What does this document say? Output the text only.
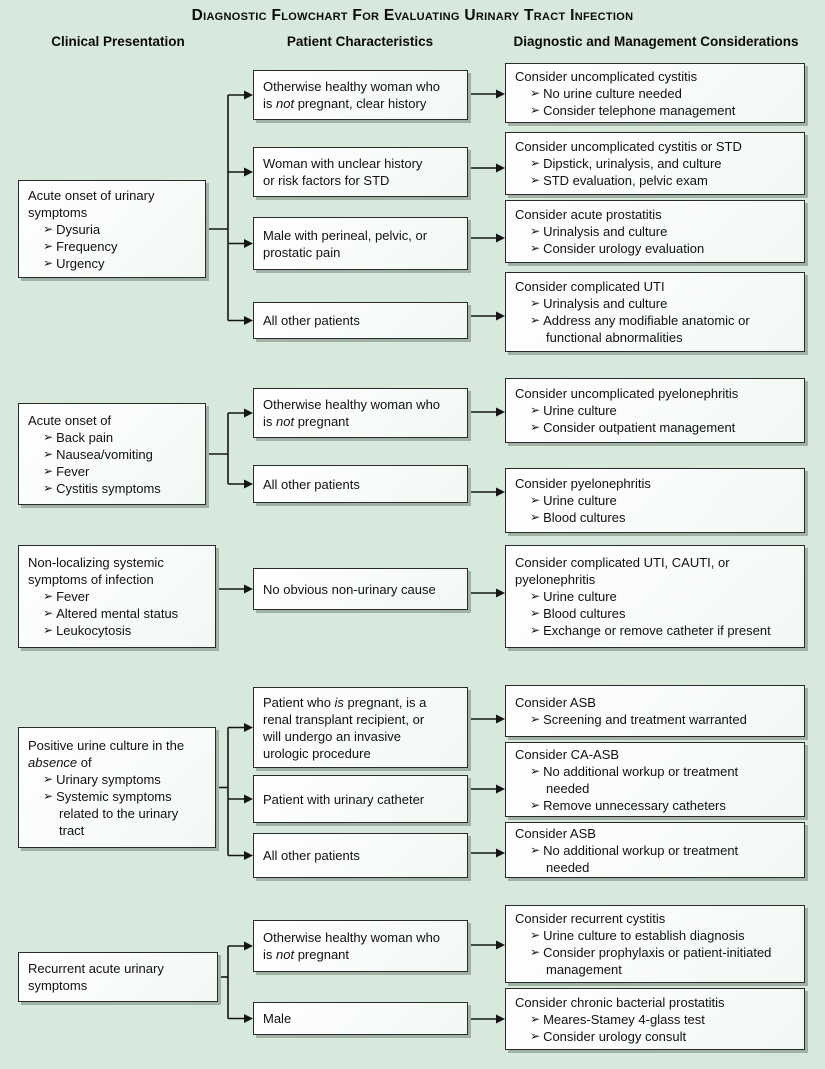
Diagnostic Flowchart For Evaluating Urinary Tract Infection
Clinical Presentation	Patient Characteristics	Diagnostic and Management Considerations
Acute onset of urinary
symptoms
➢ Dysuria
➢ Frequency
➢ Urgency
Otherwise healthy woman who
is not pregnant, clear history
Consider uncomplicated cystitis
➢ No urine culture needed
➢ Consider telephone management
Woman with unclear history
or risk factors for STD
Consider uncomplicated cystitis or STD
➢ Dipstick, urinalysis, and culture
➢ STD evaluation, pelvic exam
Male with perineal, pelvic, or
prostatic pain
Consider acute prostatitis
➢ Urinalysis and culture
➢ Consider urology evaluation
All other patients
Consider complicated UTI
➢ Urinalysis and culture
➢ Address any modifiable anatomic or
functional abnormalities
Acute onset of
➢ Back pain
➢ Nausea/vomiting
➢ Fever
➢ Cystitis symptoms
Otherwise healthy woman who
is not pregnant
Consider uncomplicated pyelonephritis
➢ Urine culture
➢ Consider outpatient management
All other patients	Consider pyelonephritis
➢ Urine culture
➢ Blood cultures
Non-localizing systemic
symptoms of infection
➢ Fever
➢ Altered mental status
➢ Leukocytosis
No obvious non-urinary cause
Consider complicated UTI, CAUTI, or
pyelonephritis
➢ Urine culture
➢ Blood cultures
➢ Exchange or remove catheter if present
Positive urine culture in the
absence of
➢ Urinary symptoms
➢ Systemic symptoms
related to the urinary
tract
Patient who is pregnant, is a
renal transplant recipient, or
will undergo an invasive
urologic procedure
Consider ASB
➢ Screening and treatment warranted
Patient with urinary catheter
Consider CA-ASB
➢ No additional workup or treatment
needed
➢ Remove unnecessary catheters
All other patients
Consider ASB
➢ No additional workup or treatment
needed
Recurrent acute urinary
symptoms
Otherwise healthy woman who
is not pregnant
Consider recurrent cystitis
➢ Urine culture to establish diagnosis
➢ Consider prophylaxis or patient-initiated
management
Male
Consider chronic bacterial prostatitis
➢ Meares-Stamey 4-glass test
➢ Consider urology consult
